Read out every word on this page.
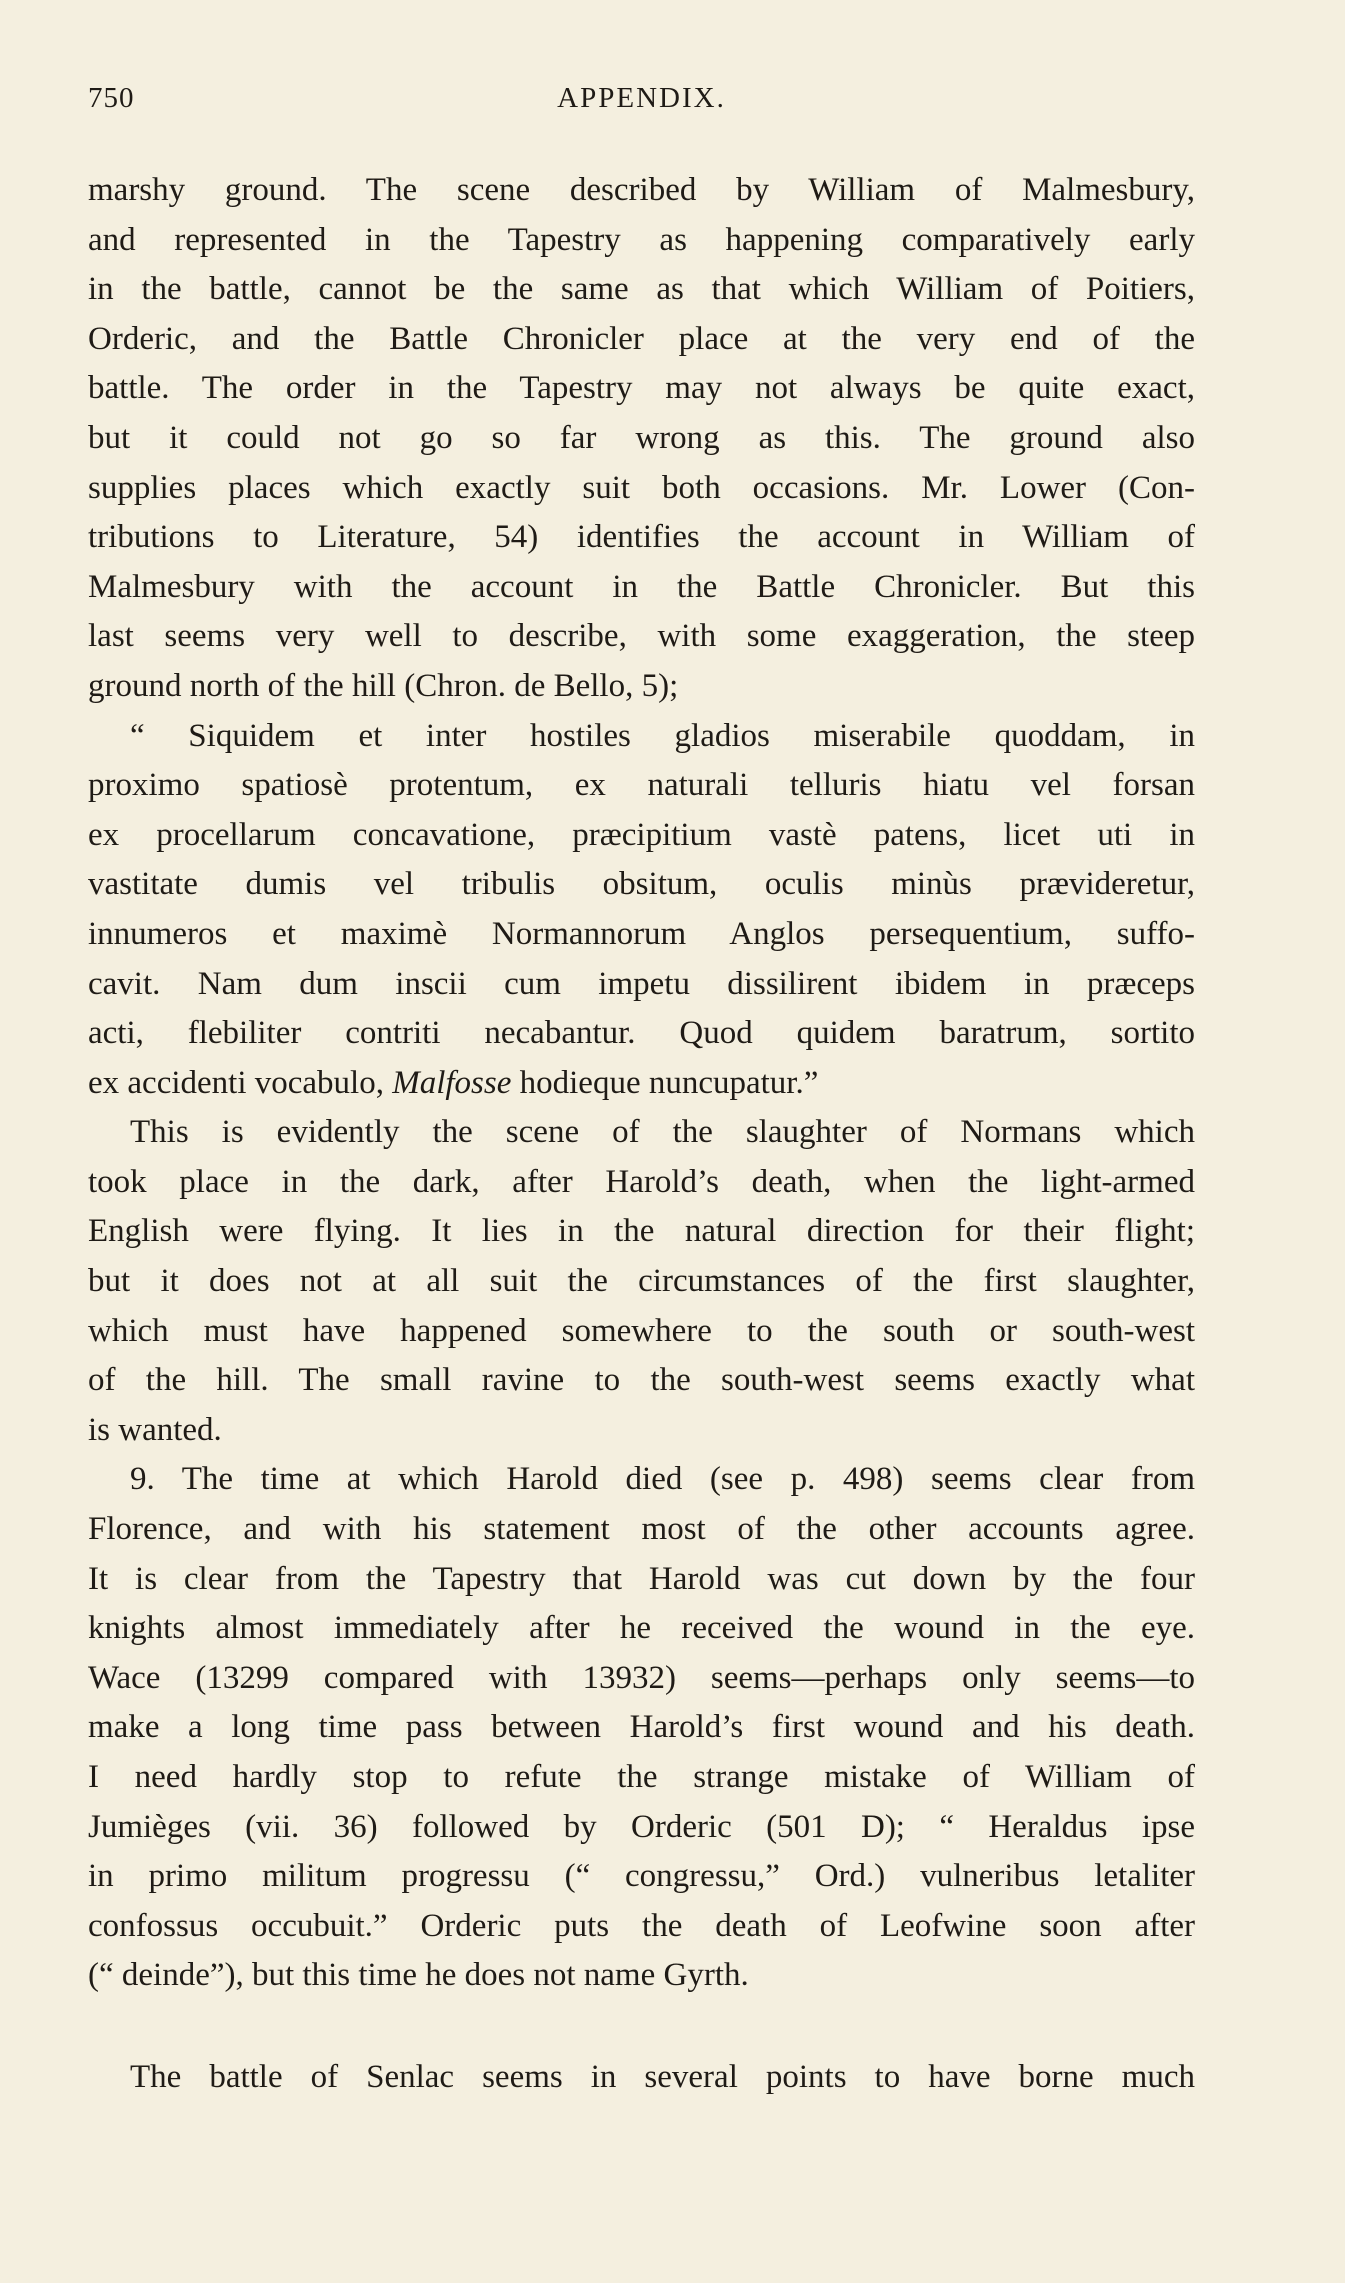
750	APPENDIX.
marshy ground. The scene described by William of Malmesbury,
and represented in the Tapestry as happening comparatively early
in the battle, cannot be the same as that which William of Poitiers,
Orderic, and the Battle Chronicler place at the very end of the
battle. The order in the Tapestry may not always be quite exact,
but it could not go so far wrong as this. The ground also
supplies places which exactly suit both occasions. Mr. Lower (Con-
tributions to Literature, 54) identifies the account in William of
Malmesbury with the account in the Battle Chronicler. But this
last seems very well to describe, with some exaggeration, the steep
ground north of the hill (Chron. de Bello, 5);
“ Siquidem et inter hostiles gladios miserabile quoddam, in
proximo spatiosè protentum, ex naturali telluris hiatu vel forsan
ex procellarum concavatione, præcipitium vastè patens, licet uti in
vastitate dumis vel tribulis obsitum, oculis minùs prævideretur,
innumeros et maximè Normannorum Anglos persequentium, suffo-
cavit. Nam dum inscii cum impetu dissilirent ibidem in præceps
acti, flebiliter contriti necabantur. Quod quidem baratrum, sortito
ex accidenti vocabulo, Malfosse hodieque nuncupatur.”
This is evidently the scene of the slaughter of Normans which
took place in the dark, after Harold’s death, when the light-armed
English were flying. It lies in the natural direction for their flight;
but it does not at all suit the circumstances of the first slaughter,
which must have happened somewhere to the south or south-west
of the hill. The small ravine to the south-west seems exactly what
is wanted.
9. The time at which Harold died (see p. 498) seems clear from
Florence, and with his statement most of the other accounts agree.
It is clear from the Tapestry that Harold was cut down by the four
knights almost immediately after he received the wound in the eye.
Wace (13299 compared with 13932) seems—perhaps only seems—to
make a long time pass between Harold’s first wound and his death.
I need hardly stop to refute the strange mistake of William of
Jumièges (vii. 36) followed by Orderic (501 D); “ Heraldus ipse
in primo militum progressu (“ congressu,” Ord.) vulneribus letaliter
confossus occubuit.” Orderic puts the death of Leofwine soon after
(“ deinde”), but this time he does not name Gyrth.
The battle of Senlac seems in several points to have borne much
